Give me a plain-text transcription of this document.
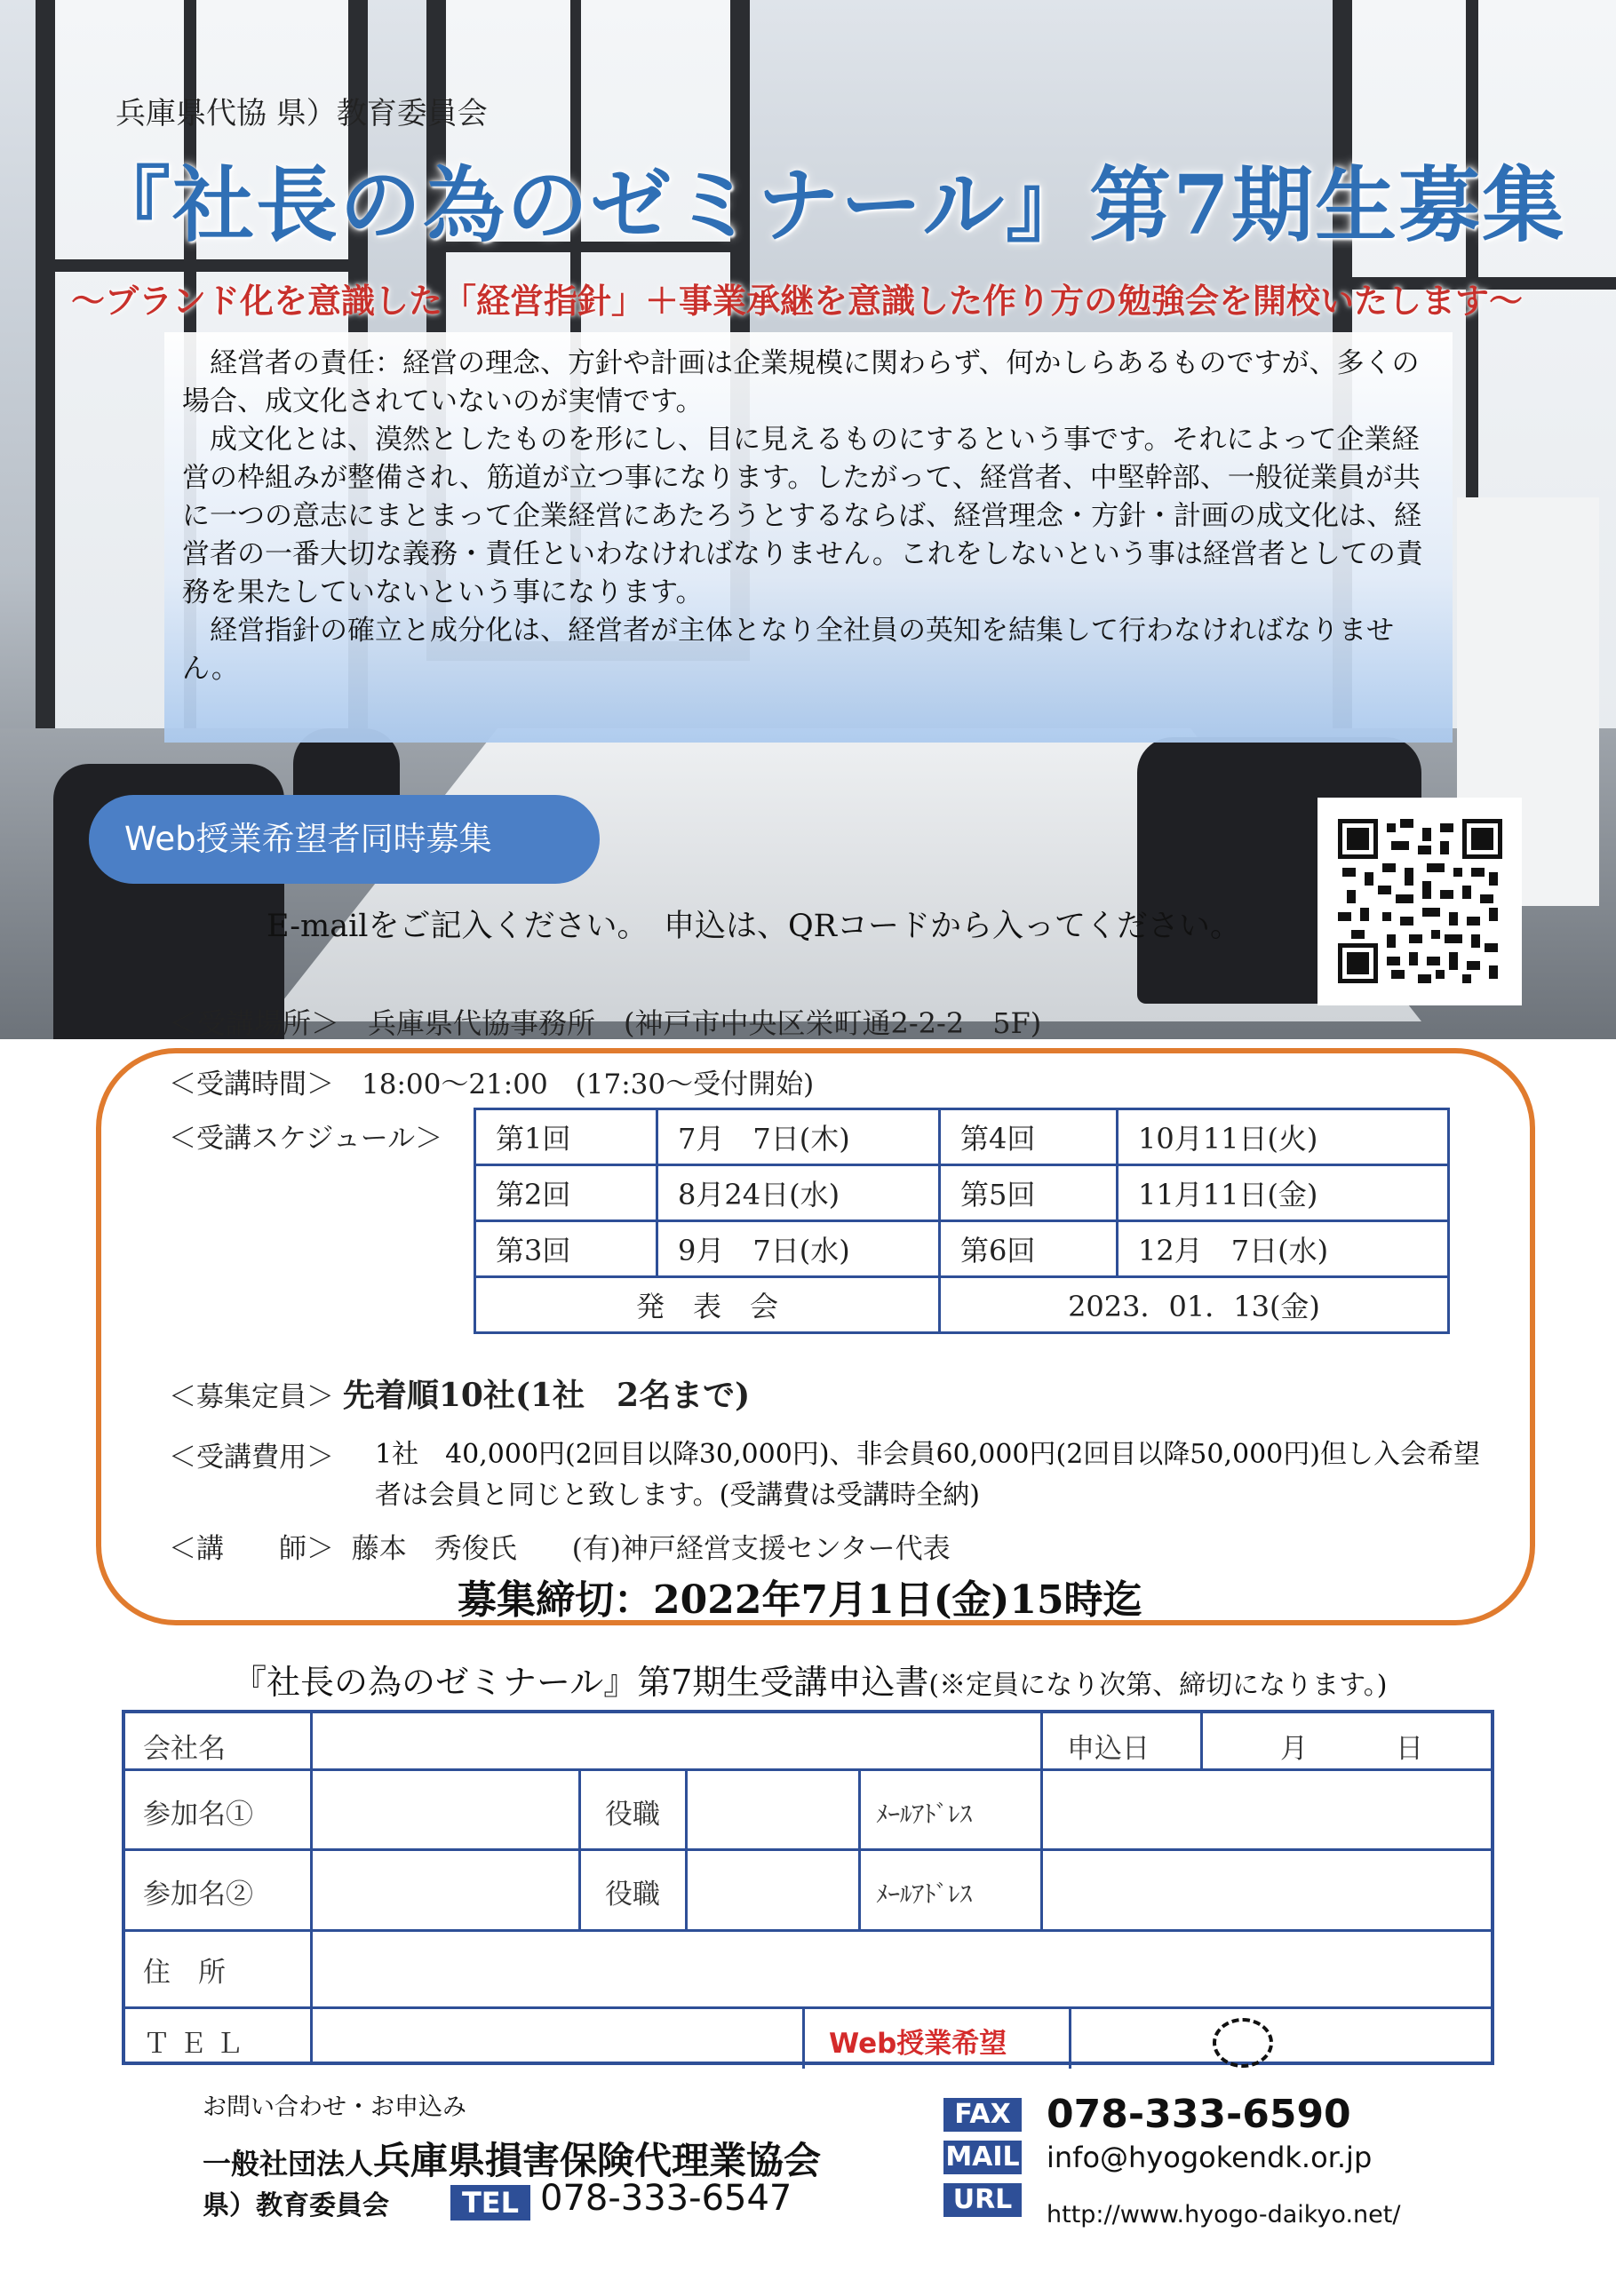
兵庫県代協 県）教育委員会
『社長の為のゼミナール』第7期生募集
～ブランド化を意識した「経営指針」＋事業承継を意識した作り方の勉強会を開校いたします～

経営者の責任：経営の理念、方針や計画は企業規模に関わらず、何かしらあるものですが、多くの場合、成文化されていないのが実情です。

成文化とは、漠然としたものを形にし、目に見えるものにするという事です。それによって企業経営の枠組みが整備され、筋道が立つ事になります。したがって、経営者、中堅幹部、一般従業員が共に一つの意志にまとまって企業経営にあたろうとするならば、経営理念・方針・計画の成文化は、経営者の一番大切な義務・責任といわなければなりません。これをしないという事は経営者としての責務を果たしていないという事になります。

経営指針の確立と成分化は、経営者が主体となり全社員の英知を結集して行わなければなりません。

Web授業希望者同時募集
E-mailをご記入ください。　申込は、QRコードから入ってください。
＜受講場所＞　兵庫県代協事務所　(神戸市中央区栄町通2-2-2　5F)
＜受講時間＞　18:00～21:00　(17:30～受付開始)
＜受講スケジュール＞ 第1回	7月　7日(木)	第4回	10月11日(火)
第2回	8月24日(水)	第5回	11月11日(金)
第3回	9月　7日(水)	第6回	12月　7日(水)
発　表　会		2023．01．13(金)	
＜募集定員＞ 先着順10社(1社　2名まで)
＜受講費用＞ 1社　40,000円(2回目以降30,000円)、非会員60,000円(2回目以降50,000円)但し入会希望者は会員と同じと致します。(受講費は受講時全納)
＜講　　師＞ 藤本　秀俊氏　　(有)神戸経営支援センター代表
募集締切：2022年7月1日(金)15時迄
『社長の為のゼミナール』第7期生受講申込書(※定員になり次第、締切になります。)
会社名	申込日	月	日
参加名①	役職	ﾒｰﾙｱﾄﾞﾚｽ
参加名②	役職	ﾒｰﾙｱﾄﾞﾚｽ
住　所
Ｔ Ｅ Ｌ	Web授業希望
お問い合わせ・お申込み
一般社団法人兵庫県損害保険代理業協会
県）教育委員会	TEL 078-333-6547
FAX 078-333-6590
MAIL info@hyogokendk.or.jp
URL	http://www.hyogo-daikyo.net/
